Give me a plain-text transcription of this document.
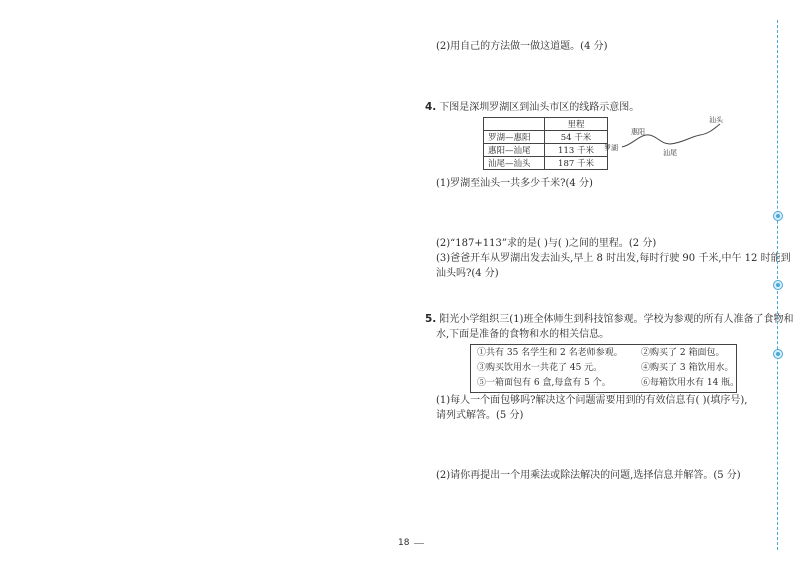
(2)用自己的方法做一做这道题。(4 分)
4. 下图是深圳罗湖区到汕头市区的线路示意图。
	里程
罗湖—惠阳	54 千米
惠阳—汕尾	113 千米
汕尾—汕头	187 千米
罗湖
惠阳
汕尾
汕头
(1)罗湖至汕头一共多少千米?(4 分)
(2)“187+113”求的是( )与( )之间的里程。(2 分)
(3)爸爸开车从罗湖出发去汕头,早上 8 时出发,每时行驶 90 千米,中午 12 时能到
汕头吗?(4 分)
5. 阳光小学组织三(1)班全体师生到科技馆参观。学校为参观的所有人准备了食物和
水,下面是准备的食物和水的相关信息。
①共有 35 名学生和 2 名老师参观。 ②购买了 2 箱面包。
③购买饮用水一共花了 45 元。	④购买了 3 箱饮用水。
⑤一箱面包有 6 盒,每盒有 5 个。	⑥每箱饮用水有 14 瓶。
(1)每人一个面包够吗?解决这个问题需要用到的有效信息有( )(填序号),
请列式解答。(5 分)
(2)请你再提出一个用乘法或除法解决的问题,选择信息并解答。(5 分)
18
